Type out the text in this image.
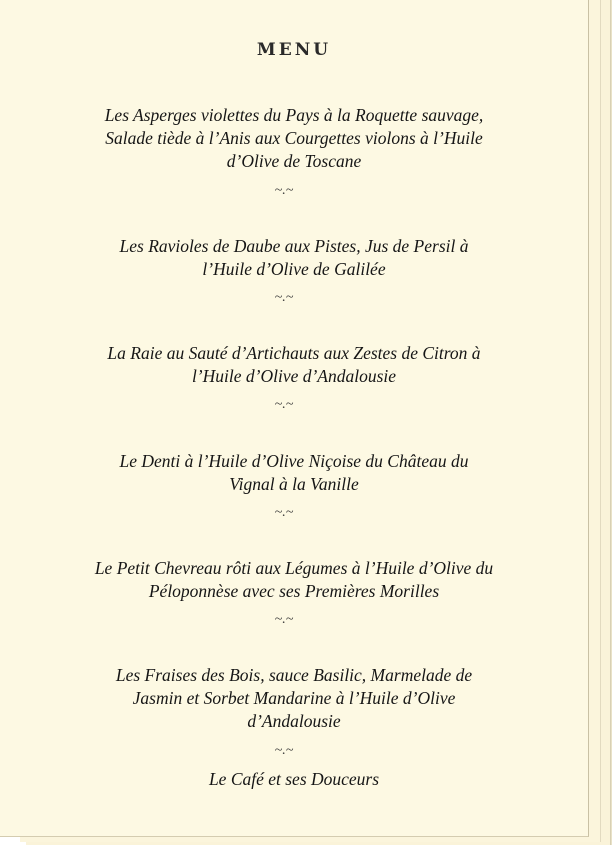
MENU
Les Asperges violettes du Pays à la Roquette sauvage,
Salade tiède à l’Anis aux Courgettes violons à l’Huile
d’Olive de Toscane
~.~
Les Ravioles de Daube aux Pistes, Jus de Persil à
l’Huile d’Olive de Galilée
~.~
La Raie au Sauté d’Artichauts aux Zestes de Citron à
l’Huile d’Olive d’Andalousie
~.~
Le Denti à l’Huile d’Olive Niçoise du Château du
Vignal à la Vanille
~.~
Le Petit Chevreau rôti aux Légumes à l’Huile d’Olive du
Péloponnèse avec ses Premières Morilles
~.~
Les Fraises des Bois, sauce Basilic, Marmelade de
Jasmin et Sorbet Mandarine à l’Huile d’Olive
d’Andalousie
~.~
Le Café et ses Douceurs
